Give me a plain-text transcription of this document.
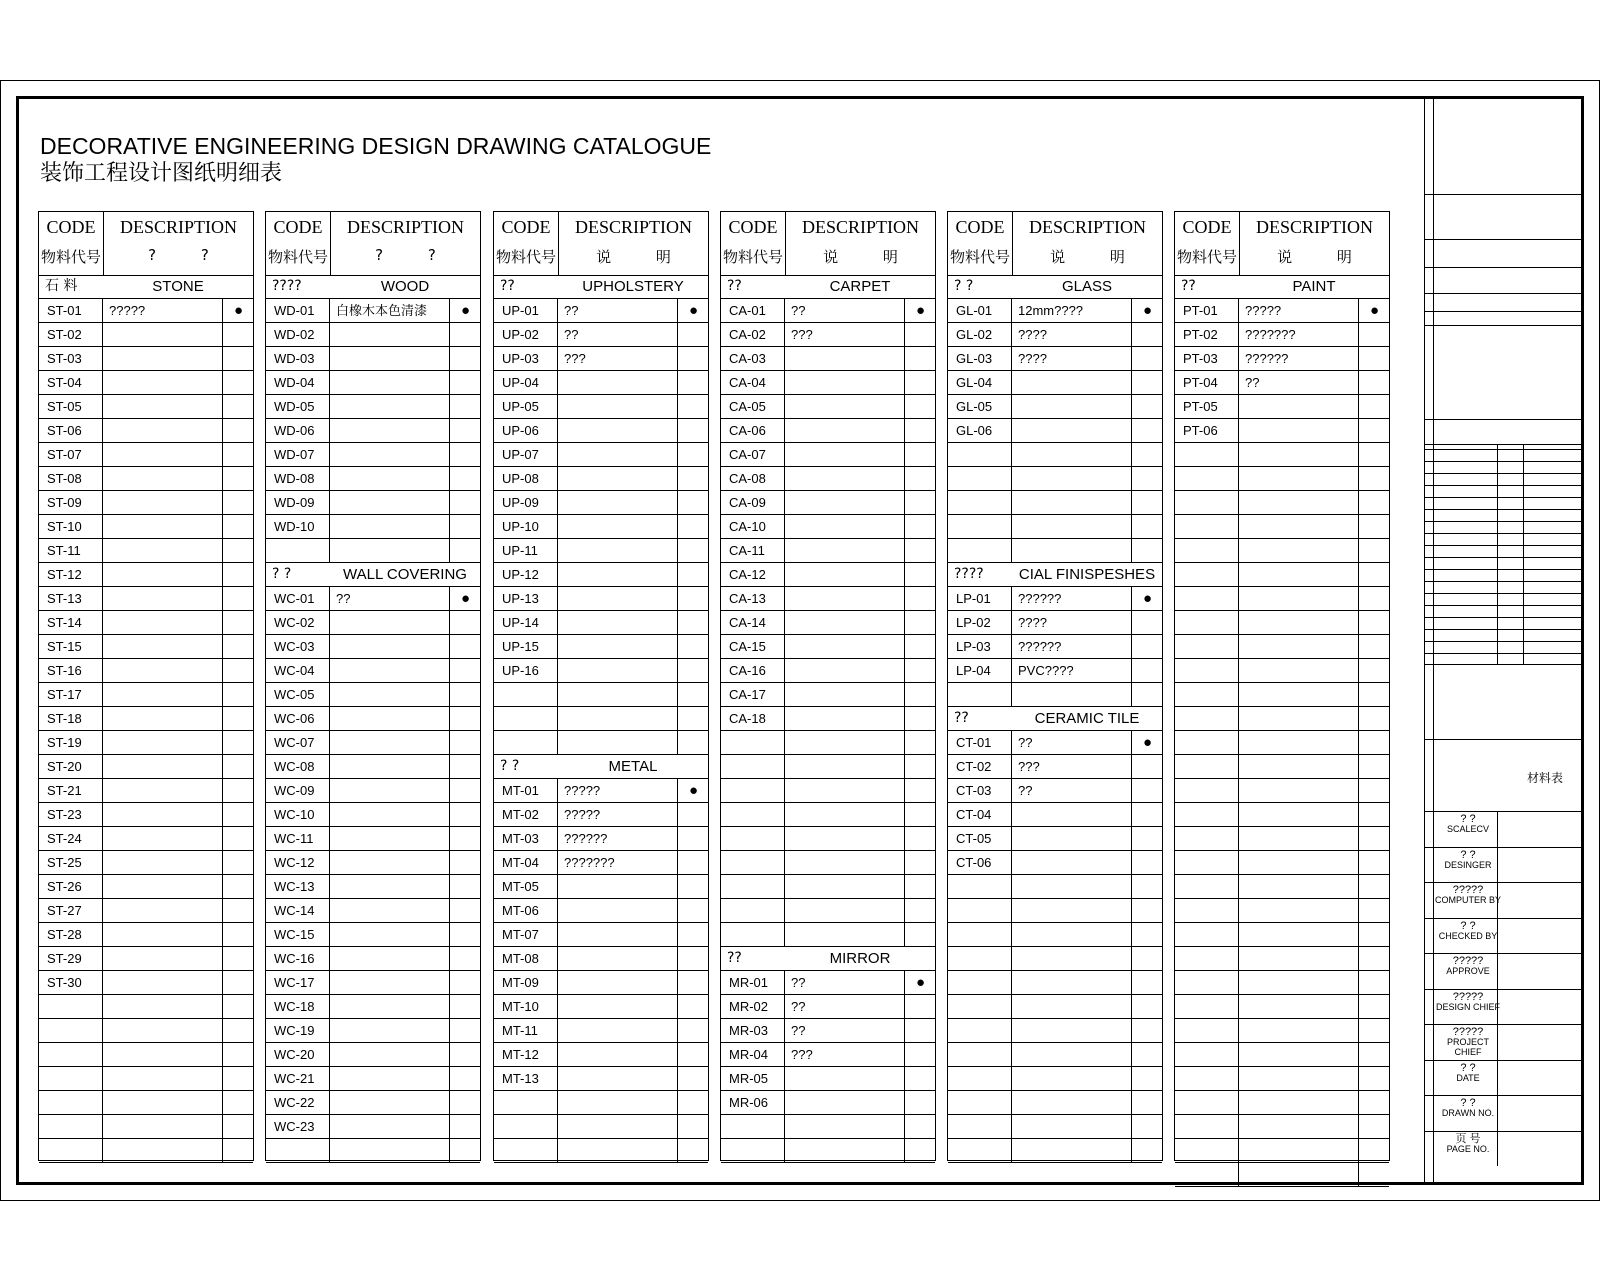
DECORATIVE ENGINEERING DESIGN DRAWING CATALOGUE
装饰工程设计图纸明细表
CODE
物料代号
DESCRIPTION
? ?
石 料	STONE
ST-01	?????	●
ST-02
ST-03
ST-04
ST-05
ST-06
ST-07
ST-08
ST-09
ST-10
ST-11
ST-12
ST-13
ST-14
ST-15
ST-16
ST-17
ST-18
ST-19
ST-20
ST-21
ST-23
ST-24
ST-25
ST-26
ST-27
ST-28
ST-29
ST-30
CODE
物料代号
DESCRIPTION
? ?
????	WOOD
WD-01	白橡木本色清漆	●
WD-02
WD-03
WD-04
WD-05
WD-06
WD-07
WD-08
WD-09
WD-10
? ?	WALL COVERING
WC-01	??	●
WC-02
WC-03
WC-04
WC-05
WC-06
WC-07
WC-08
WC-09
WC-10
WC-11
WC-12
WC-13
WC-14
WC-15
WC-16
WC-17
WC-18
WC-19
WC-20
WC-21
WC-22
WC-23
CODE
物料代号
DESCRIPTION
说 明
??	UPHOLSTERY
UP-01	??	●
UP-02	??
UP-03	???
UP-04
UP-05
UP-06
UP-07
UP-08
UP-09
UP-10
UP-11
UP-12
UP-13
UP-14
UP-15
UP-16
? ?	METAL
MT-01	?????	●
MT-02	?????
MT-03	??????
MT-04	???????
MT-05
MT-06
MT-07
MT-08
MT-09
MT-10
MT-11
MT-12
MT-13
CODE
物料代号
DESCRIPTION
说 明
??	CARPET
CA-01	??	●
CA-02	???
CA-03
CA-04
CA-05
CA-06
CA-07
CA-08
CA-09
CA-10
CA-11
CA-12
CA-13
CA-14
CA-15
CA-16
CA-17
CA-18
??	MIRROR
MR-01	??	●
MR-02	??
MR-03	??
MR-04	???
MR-05
MR-06
CODE
物料代号
DESCRIPTION
说 明
? ?	GLASS
GL-01	12mm????	●
GL-02	????
GL-03	????
GL-04
GL-05
GL-06
????	CIAL FINISPESHES
LP-01	??????	●
LP-02	????
LP-03	??????
LP-04	PVC????
??	CERAMIC TILE
CT-01	??	●
CT-02	???
CT-03	??
CT-04
CT-05
CT-06
CODE
物料代号
DESCRIPTION
说 明
??	PAINT
PT-01	?????	●
PT-02	???????
PT-03	??????
PT-04	??
PT-05
PT-06
材料表
? ?
SCALECV
? ?
DESINGER
?????
COMPUTER BY
? ?
CHECKED BY
?????
APPROVE
?????
DESIGN CHIEF
?????
PROJECT CHIEF
? ?
DATE
? ?
DRAWN NO.
页 号
PAGE NO.
